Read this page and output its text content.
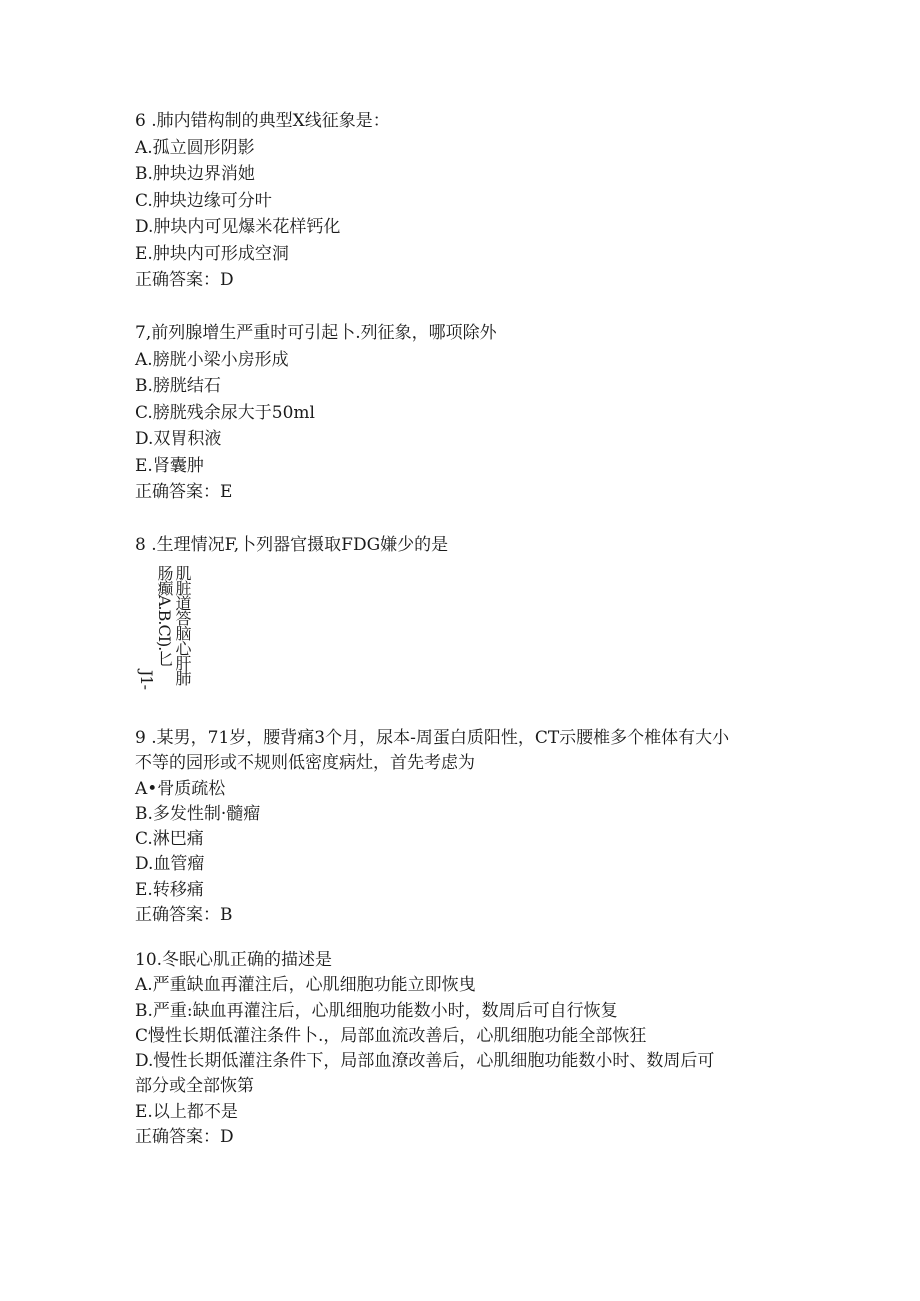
6 .肺内错构制的典型X线征象是：
A.孤立圆形阴影
B.肿块边界消她
C.肿块边缘可分叶
D.肿块内可见爆米花样钙化
E.肿块内可形成空洞
正确答案：D
7,前列腺增生严重时可引起卜.列征象，哪项除外
A.膀胱小梁小房形成
B.膀胱结石
C.膀胱残余尿大于50ml
D.双胃积液
E.肾囊肿
正确答案：E
8 .生理情况F,卜列器官摄取FDG嫌少的是
肌脏道答脑心肝肺
肠癫A.B.CI).匕
J1-
9 .某男，71岁，腰背痛3个月，尿本-周蛋白质阳性，CT示腰椎多个椎体有大小
不等的园形或不规则低密度病灶，首先考虑为
A•骨质疏松
B.多发性制·髓瘤
C.淋巴痛
D.血管瘤
E.转移痛
正确答案：B
10.冬眠心肌正确的描述是
A.严重缺血再灌注后，心肌细胞功能立即恢曳
B.严重:缺血再灌注后，心肌细胞功能数小时，数周后可自行恢复
C慢性长期低灌注条件卜.，局部血流改善后，心肌细胞功能全部恢狂
D.慢性长期低灌注条件下，局部血潦改善后，心肌细胞功能数小时、数周后可
部分或全部恢第
E.以上都不是
正确答案：D
